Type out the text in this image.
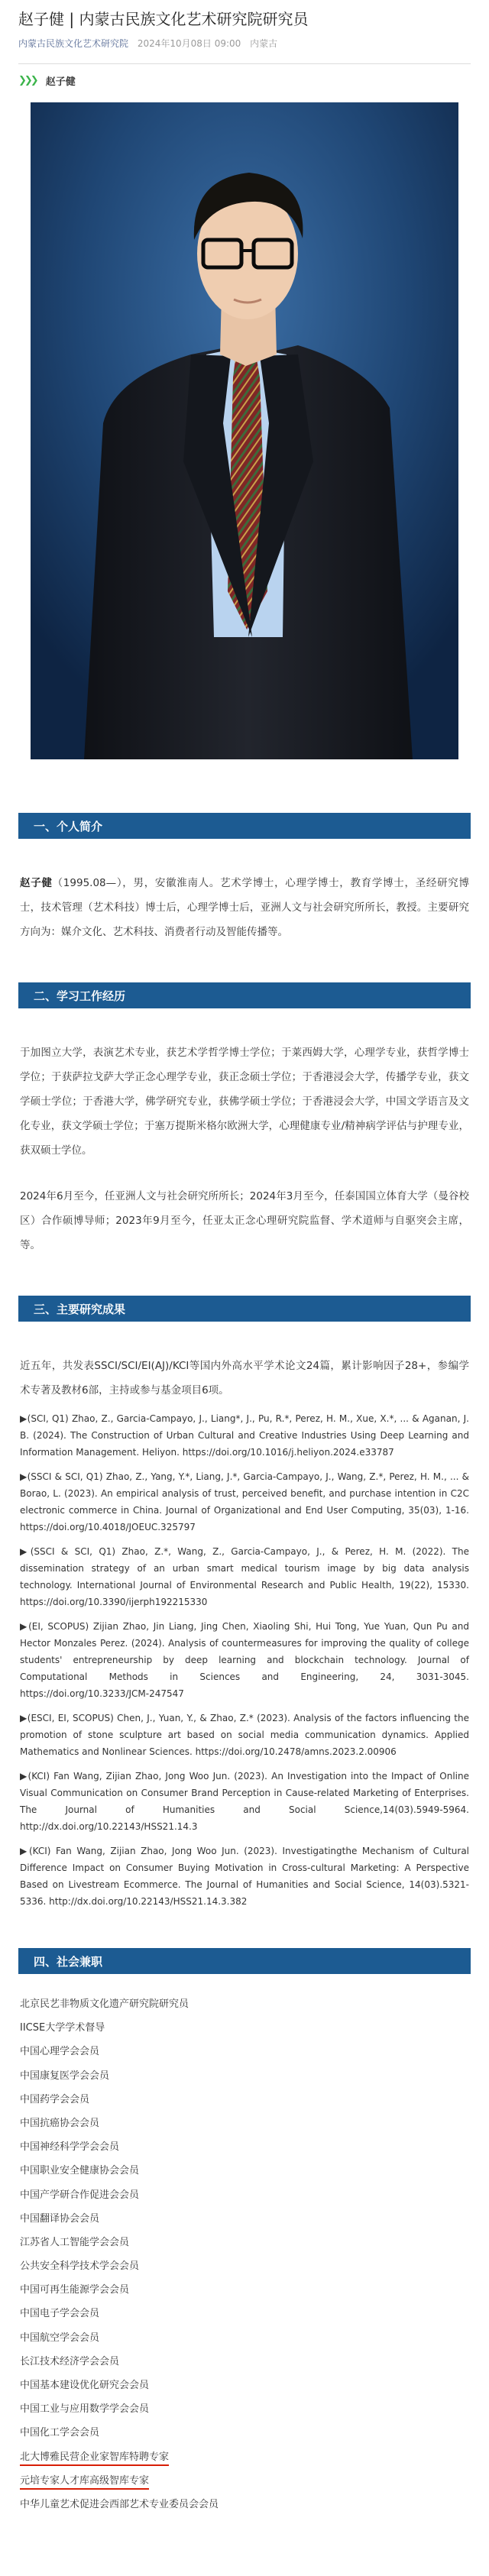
赵子健 | 内蒙古民族文化艺术研究院研究员
内蒙古民族文化艺术研究院 2024年10月08日 09:00 内蒙古
❯❯❯ 赵子健
一、个人简介

赵子健（1995.08—），男，安徽淮南人。艺术学博士，心理学博士，教育学博士，圣经研究博士，技术管理（艺术科技）博士后，心理学博士后，亚洲人文与社会研究所所长，教授。主要研究方向为：媒介文化、艺术科技、消费者行动及智能传播等。

二、学习工作经历

于加图立大学，表演艺术专业，获艺术学哲学博士学位；于莱西姆大学，心理学专业，获哲学博士学位；于获萨拉戈萨大学正念心理学专业，获正念硕士学位；于香港浸会大学，传播学专业，获文学硕士学位；于香港大学，佛学研究专业，获佛学硕士学位；于香港浸会大学，中国文学语言及文化专业，获文学硕士学位；于塞万提斯米格尔欧洲大学，心理健康专业/精神病学评估与护理专业，获双硕士学位。

2024年6月至今，任亚洲人文与社会研究所所长；2024年3月至今，任泰国国立体育大学（曼谷校区）合作硕博导师；2023年9月至今，任亚太正念心理研究院监督、学术道师与自驱突会主席，等。

三、主要研究成果

近五年，共发表SSCI/SCI/EI(AJ)/KCI等国内外高水平学术论文24篇，累计影响因子28+，参编学术专著及教材6部，主持或参与基金项目6项。

▶(SCI, Q1) Zhao, Z., Garcia-Campayo, J., Liang*, J., Pu, R.*, Perez, H. M., Xue, X.*, ... & Aganan, J. B. (2024). The Construction of Urban Cultural and Creative Industries Using Deep Learning and Information Management. Heliyon. https://doi.org/10.1016/j.heliyon.2024.e33787

▶(SSCI & SCI, Q1) Zhao, Z., Yang, Y.*, Liang, J.*, Garcia-Campayo, J., Wang, Z.*, Perez, H. M., ... & Borao, L. (2023). An empirical analysis of trust, perceived benefit, and purchase intention in C2C electronic commerce in China. Journal of Organizational and End User Computing, 35(03), 1-16. https://doi.org/10.4018/JOEUC.325797

▶(SSCI & SCI, Q1) Zhao, Z.*, Wang, Z., Garcia-Campayo, J., & Perez, H. M. (2022). The dissemination strategy of an urban smart medical tourism image by big data analysis technology. International Journal of Environmental Research and Public Health, 19(22), 15330. https://doi.org/10.3390/ijerph192215330

▶(EI, SCOPUS) Zijian Zhao, Jin Liang, Jing Chen, Xiaoling Shi, Hui Tong, Yue Yuan, Qun Pu and Hector Monzales Perez. (2024). Analysis of countermeasures for improving the quality of college students' entrepreneurship by deep learning and blockchain technology. Journal of Computational Methods in Sciences and Engineering, 24, 3031-3045. https://doi.org/10.3233/JCM-247547

▶(ESCI, EI, SCOPUS) Chen, J., Yuan, Y., & Zhao, Z.* (2023). Analysis of the factors influencing the promotion of stone sculpture art based on social media communication dynamics. Applied Mathematics and Nonlinear Sciences. https://doi.org/10.2478/amns.2023.2.00906

▶(KCI) Fan Wang, Zijian Zhao, Jong Woo Jun. (2023). An Investigation into the Impact of Online Visual Communication on Consumer Brand Perception in Cause-related Marketing of Enterprises. The Journal of Humanities and Social Science,14(03).5949-5964. http://dx.doi.org/10.22143/HSS21.14.3

▶(KCI) Fan Wang, Zijian Zhao, Jong Woo Jun. (2023). Investigatingthe Mechanism of Cultural Difference Impact on Consumer Buying Motivation in Cross-cultural Marketing: A Perspective Based on Livestream Ecommerce. The Journal of Humanities and Social Science, 14(03).5321-5336. http://dx.doi.org/10.22143/HSS21.14.3.382

四、社会兼职
北京民艺非物质文化遗产研究院研究员
IICSE大学学术督导
中国心理学会会员
中国康复医学会会员
中国药学会会员
中国抗癌协会会员
中国神经科学学会会员
中国职业安全健康协会会员
中国产学研合作促进会会员
中国翻译协会会员
江苏省人工智能学会会员
公共安全科学技术学会会员
中国可再生能源学会会员
中国电子学会会员
中国航空学会会员
长江技术经济学会会员
中国基本建设优化研究会会员
中国工业与应用数学学会会员
中国化工学会会员
北大博雅民营企业家智库特聘专家
元培专家人才库高级智库专家
中华儿童艺术促进会西部艺术专业委员会会员
